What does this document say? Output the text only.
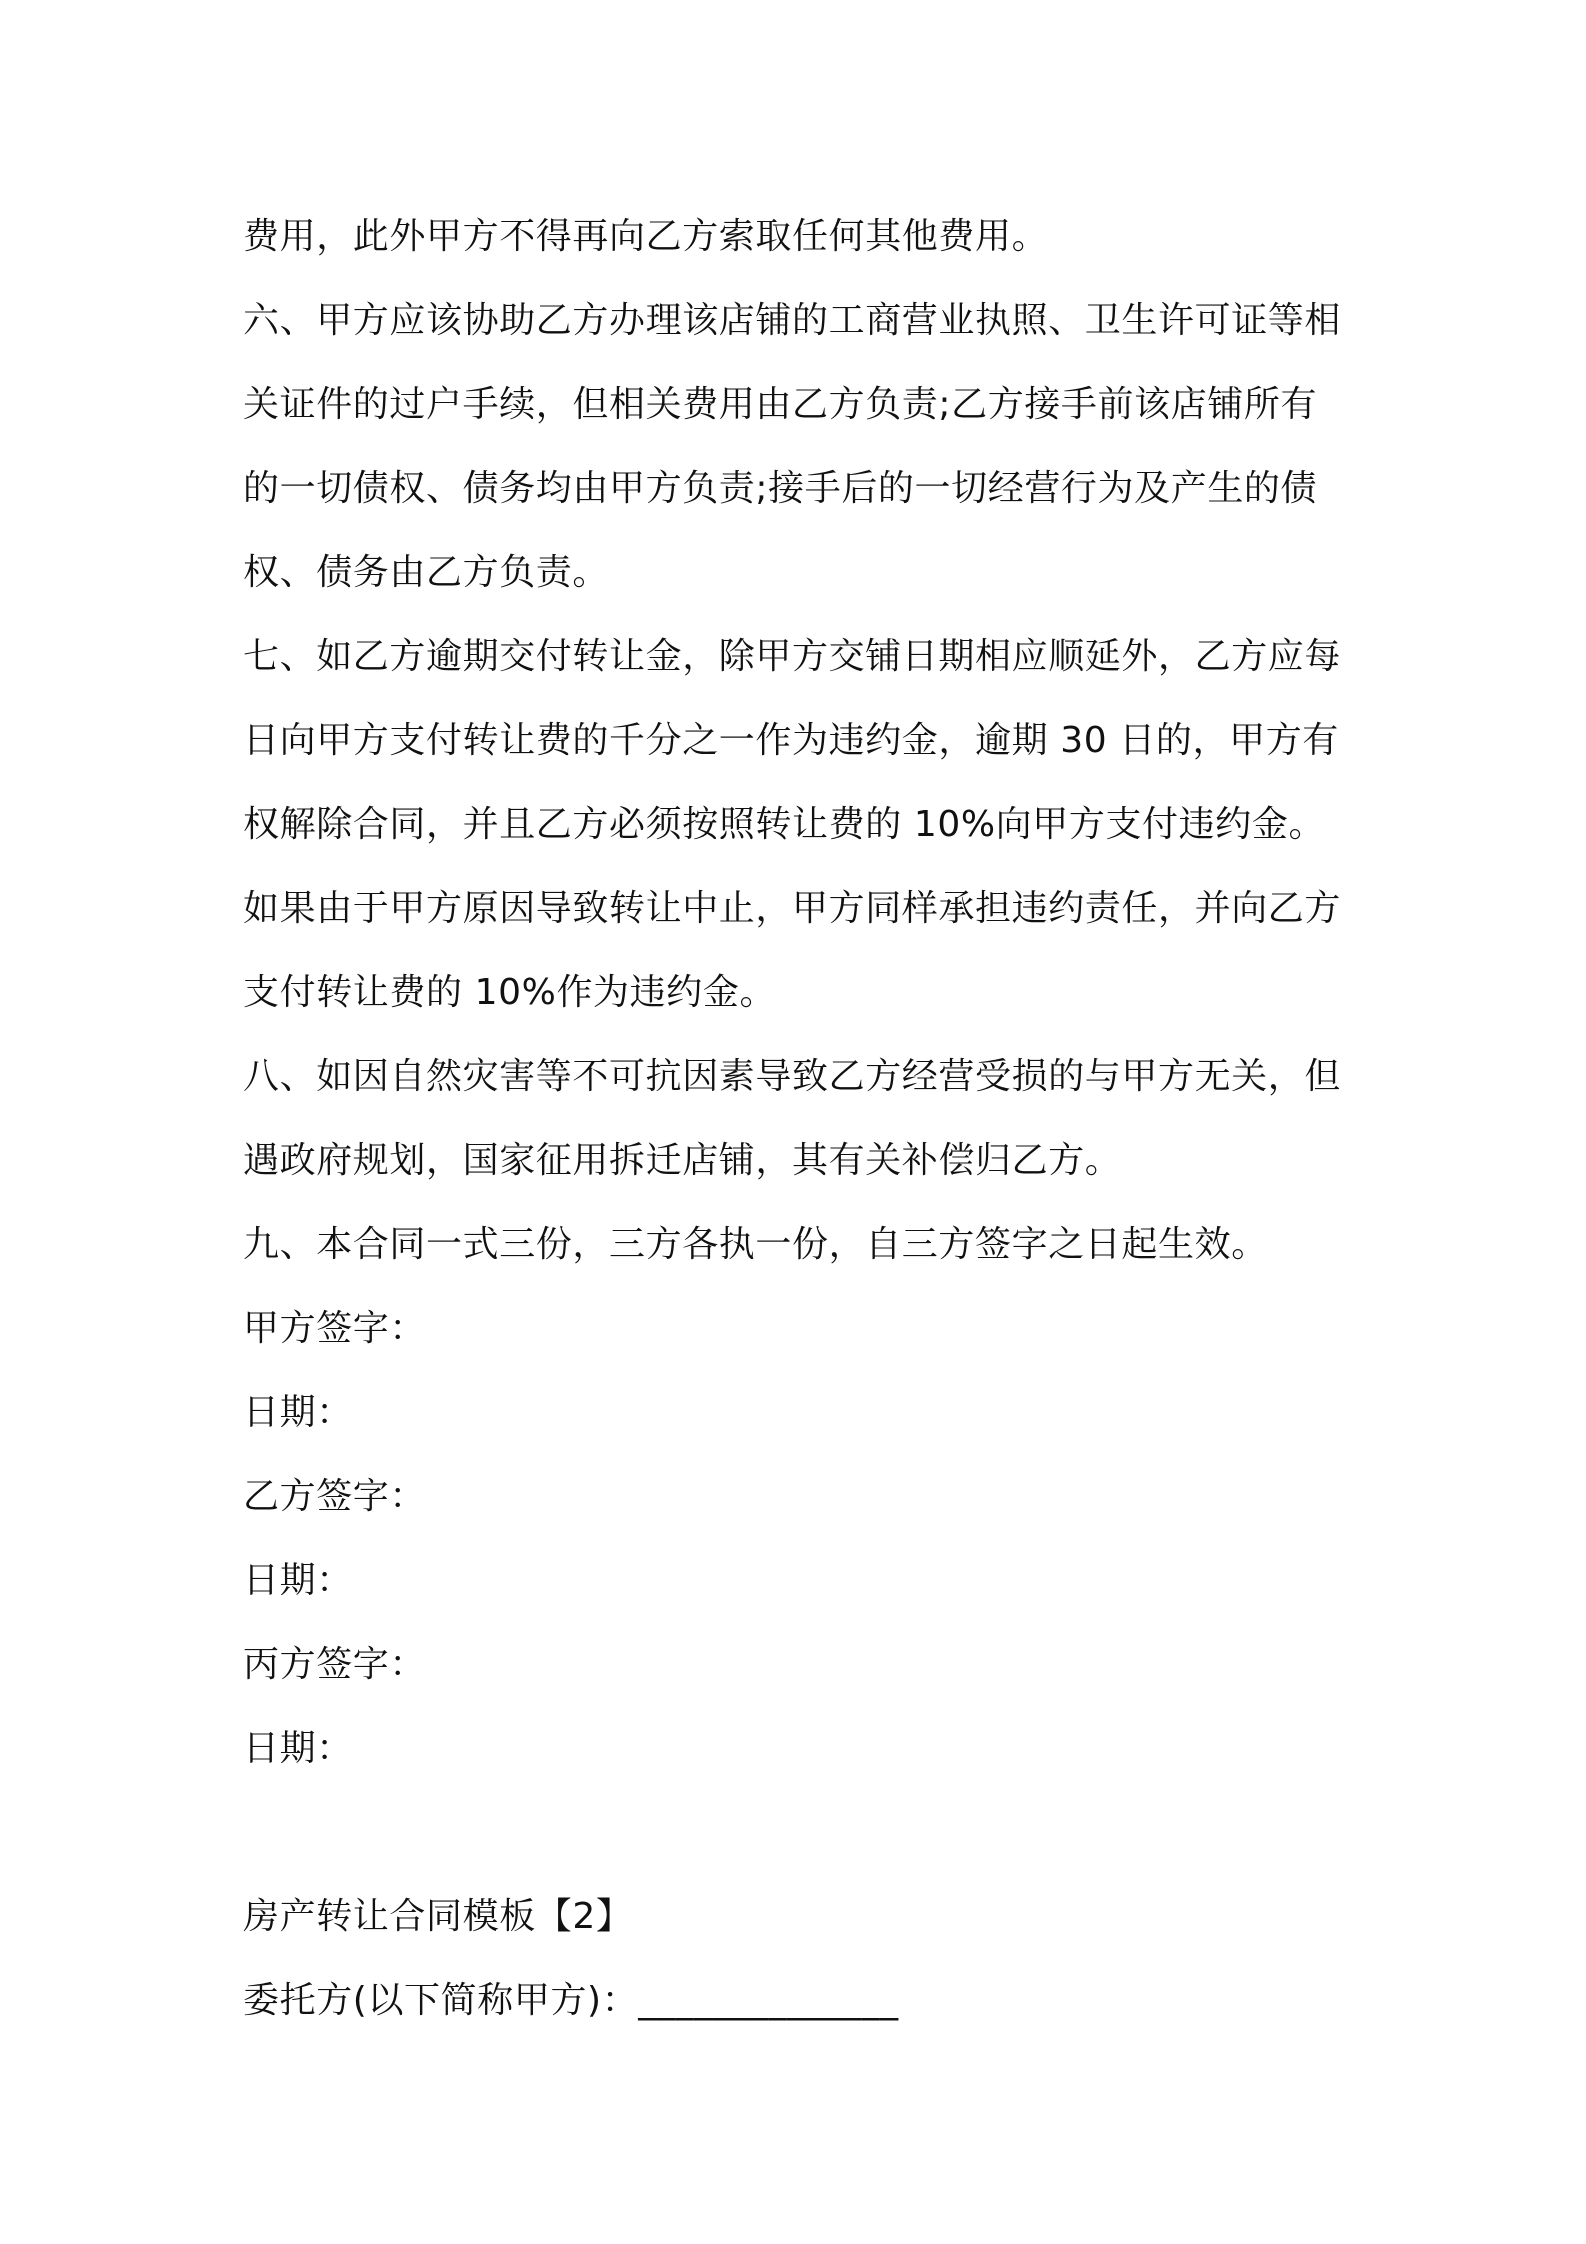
费用，此外甲方不得再向乙方索取任何其他费用。
六、甲方应该协助乙方办理该店铺的工商营业执照、卫生许可证等相
关证件的过户手续，但相关费用由乙方负责;乙方接手前该店铺所有
的一切债权、债务均由甲方负责;接手后的一切经营行为及产生的债
权、债务由乙方负责。
七、如乙方逾期交付转让金，除甲方交铺日期相应顺延外，乙方应每
日向甲方支付转让费的千分之一作为违约金，逾期 30 日的，甲方有
权解除合同，并且乙方必须按照转让费的 10%向甲方支付违约金。
如果由于甲方原因导致转让中止，甲方同样承担违约责任，并向乙方
支付转让费的 10%作为违约金。
八、如因自然灾害等不可抗因素导致乙方经营受损的与甲方无关，但
遇政府规划，国家征用拆迁店铺，其有关补偿归乙方。
九、本合同一式三份，三方各执一份，自三方签字之日起生效。
甲方签字：
日期：
乙方签字：
日期：
丙方签字：
日期：
房产转让合同模板【2】
委托方(以下简称甲方)：______________
